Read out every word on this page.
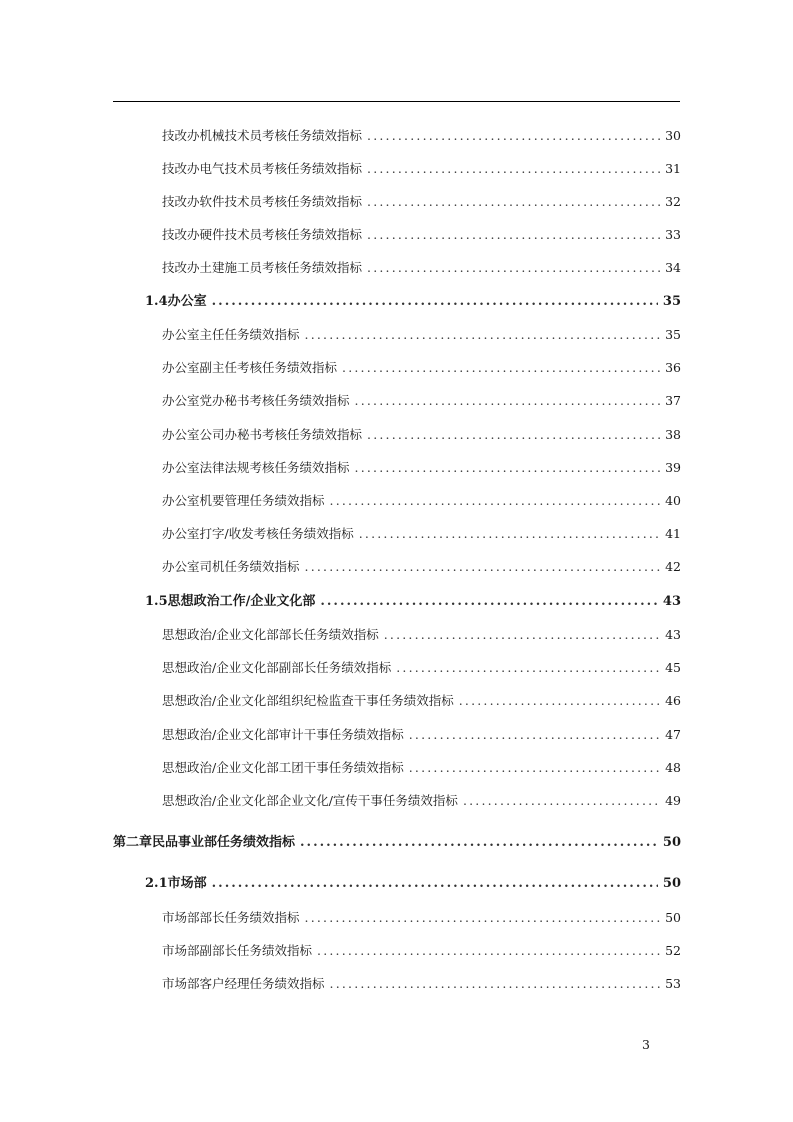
技改办机械技术员考核任务绩效指标 .....	30
技改办电气技术员考核任务绩效指标 .....	31
技改办软件技术员考核任务绩效指标 .....	32
技改办硬件技术员考核任务绩效指标 .....	33
技改办土建施工员考核任务绩效指标 .....	34
1.4 办公室 .....	35
办公室主任任务绩效指标 .....	35
办公室副主任考核任务绩效指标 .....	36
办公室党办秘书考核任务绩效指标 .....	37
办公室公司办秘书考核任务绩效指标 .....	38
办公室法律法规考核任务绩效指标 .....	39
办公室机要管理任务绩效指标 .....	40
办公室打字/收发考核任务绩效指标 .....	41
办公室司机任务绩效指标 .....	42
1.5 思想政治工作/企业文化部 .....	43
思想政治/企业文化部部长任务绩效指标 .....	43
思想政治/企业文化部副部长任务绩效指标 .....	45
思想政治/企业文化部组织纪检监查干事任务绩效指标 .....	46
思想政治/企业文化部审计干事任务绩效指标 .....	47
思想政治/企业文化部工团干事任务绩效指标 .....	48
思想政治/企业文化部企业文化/宣传干事任务绩效指标 .....	49
第二章 民品事业部任务绩效指标 .....	50
2.1 市场部 .....	50
市场部部长任务绩效指标 .....	50
市场部副部长任务绩效指标 .....	52
市场部客户经理任务绩效指标 .....	53
3
